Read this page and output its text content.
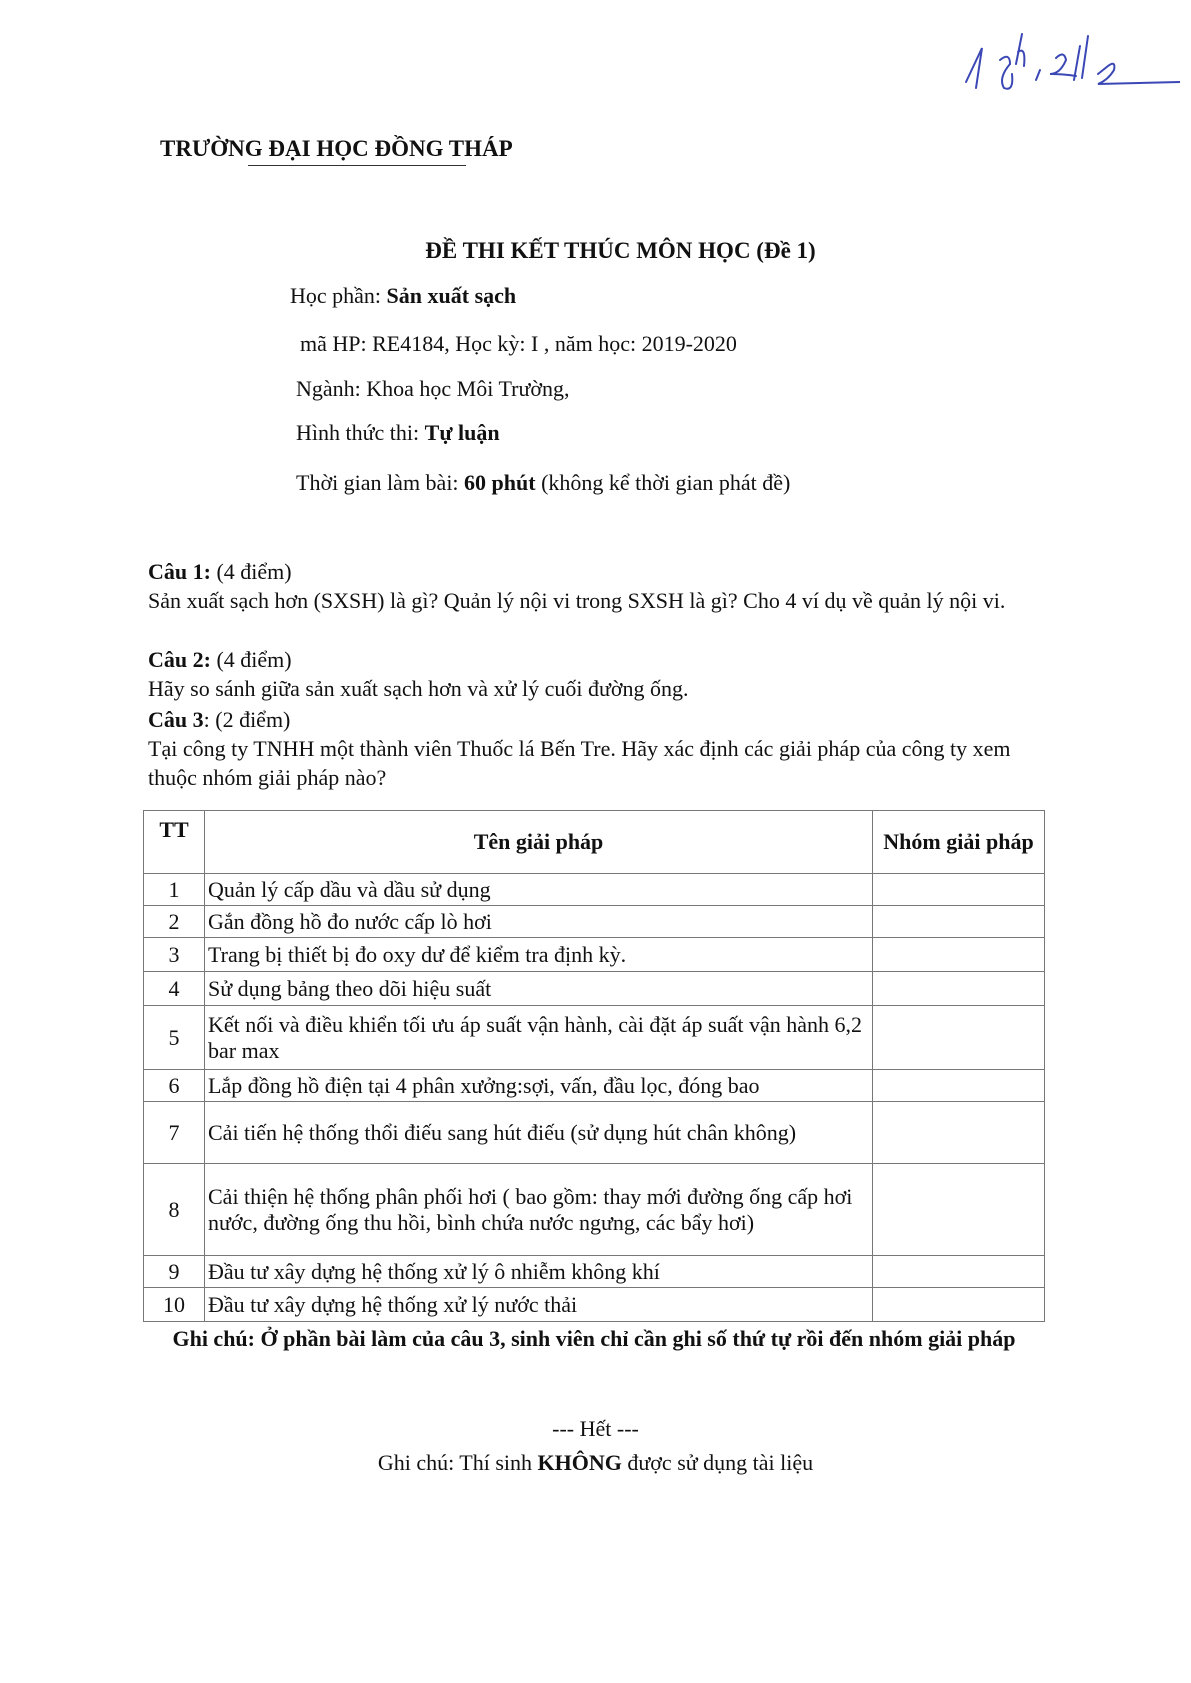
TRƯỜNG ĐẠI HỌC ĐỒNG THÁP
ĐỀ THI KẾT THÚC MÔN HỌC (Đề 1)
Học phần: Sản xuất sạch
mã HP: RE4184, Học kỳ: I , năm học: 2019-2020
Ngành: Khoa học Môi Trường,
Hình thức thi: Tự luận
Thời gian làm bài: 60 phút (không kể thời gian phát đề)
Câu 1: (4 điểm)
Sản xuất sạch hơn (SXSH) là gì? Quản lý nội vi trong SXSH là gì? Cho 4 ví dụ về quản lý nội vi.
Câu 2: (4 điểm)
Hãy so sánh giữa sản xuất sạch hơn và xử lý cuối đường ống.
Câu 3: (2 điểm)
Tại công ty TNHH một thành viên Thuốc lá Bến Tre. Hãy xác định các giải pháp của công ty xem thuộc nhóm giải pháp nào?
TT	Tên giải pháp	Nhóm giải pháp
1	Quản lý cấp dầu và dầu sử dụng	
2	Gắn đồng hồ đo nước cấp lò hơi	
3	Trang bị thiết bị đo oxy dư để kiểm tra định kỳ.	
4	Sử dụng bảng theo dõi hiệu suất	
5	Kết nối và điều khiển tối ưu áp suất vận hành, cài đặt áp suất vận hành 6,2 bar max	
6	Lắp đồng hồ điện tại 4 phân xưởng:sợi, vấn, đầu lọc, đóng bao	
7	Cải tiến hệ thống thổi điếu sang hút điếu (sử dụng hút chân không)	
8	Cải thiện hệ thống phân phối hơi ( bao gồm: thay mới đường ống cấp hơi nước, đường ống thu hồi, bình chứa nước ngưng, các bẩy hơi)	
9	Đầu tư xây dựng hệ thống xử lý ô nhiễm không khí	
10	Đầu tư xây dựng hệ thống xử lý nước thải	
Ghi chú: Ở phần bài làm của câu 3, sinh viên chỉ cần ghi số thứ tự rồi đến nhóm giải pháp
--- Hết ---
Ghi chú: Thí sinh KHÔNG được sử dụng tài liệu
